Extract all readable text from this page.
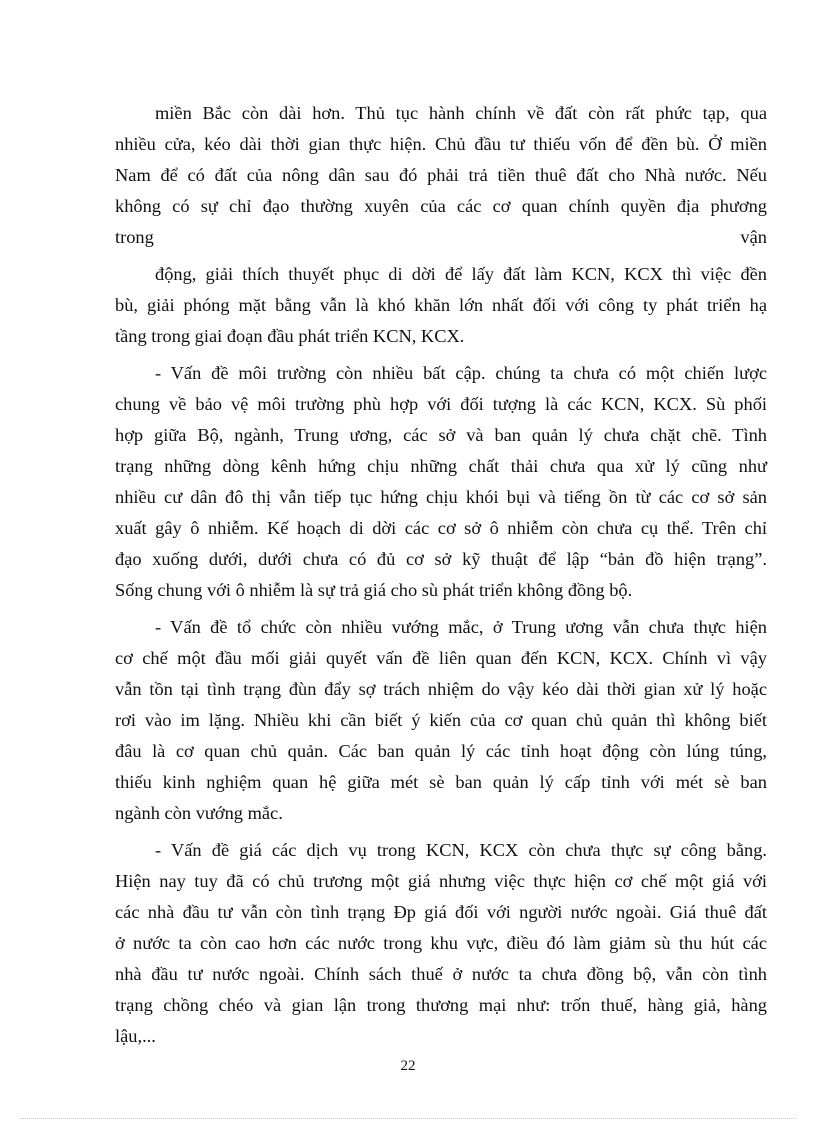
miền Bắc còn dài hơn. Thủ tục hành chính về đất còn rất phức tạp, qua
nhiều cửa, kéo dài thời gian thực hiện. Chủ đầu tư thiếu vốn để đền bù. Ở miền
Nam để có đất của nông dân sau đó phải trả tiền thuê đất cho Nhà nước. Nếu
không có sự chỉ đạo thường xuyên của các cơ quan chính quyền địa phương
trong vận
động, giải thích thuyết phục di dời để lấy đất làm KCN, KCX thì việc đền
bù, giải phóng mặt bằng vẫn là khó khăn lớn nhất đối với công ty phát triển hạ
tầng trong giai đoạn đầu phát triển KCN, KCX.
- Vấn đề môi trường còn nhiều bất cập. chúng ta chưa có một chiến lược
chung về bảo vệ môi trường phù hợp với đối tượng là các KCN, KCX. Sù phối
hợp giữa Bộ, ngành, Trung ương, các sở và ban quản lý chưa chặt chẽ. Tình
trạng những dòng kênh hứng chịu những chất thải chưa qua xử lý cũng như
nhiều cư dân đô thị vẫn tiếp tục hứng chịu khói bụi và tiếng ồn từ các cơ sở sản
xuất gây ô nhiễm. Kế hoạch di dời các cơ sở ô nhiễm còn chưa cụ thể. Trên chỉ
đạo xuống dưới, dưới chưa có đủ cơ sở kỹ thuật để lập “bản đồ hiện trạng”.
Sống chung với ô nhiễm là sự trả giá cho sù phát triển không đồng bộ.
- Vấn đề tổ chức còn nhiều vướng mắc, ở Trung ương vẫn chưa thực hiện
cơ chế một đầu mối giải quyết vấn đề liên quan đến KCN, KCX. Chính vì vậy
vẫn tồn tại tình trạng đùn đẩy sợ trách nhiệm do vậy kéo dài thời gian xử lý hoặc
rơi vào im lặng. Nhiều khi cần biết ý kiến của cơ quan chủ quản thì không biết
đâu là cơ quan chủ quản. Các ban quản lý các tỉnh hoạt động còn lúng túng,
thiếu kinh nghiệm quan hệ giữa mét sè ban quản lý cấp tỉnh với mét sè ban
ngành còn vướng mắc.
- Vấn đề giá các dịch vụ trong KCN, KCX còn chưa thực sự công bằng.
Hiện nay tuy đã có chủ trương một giá nhưng việc thực hiện cơ chế một giá với
các nhà đầu tư vẫn còn tình trạng Đp giá đối với người nước ngoài. Giá thuê đất
ở nước ta còn cao hơn các nước trong khu vực, điều đó làm giảm sù thu hút các
nhà đầu tư nước ngoài. Chính sách thuế ở nước ta chưa đồng bộ, vẫn còn tình
trạng chồng chéo và gian lận trong thương mại như: trốn thuế, hàng giả, hàng
lậu,...
22
